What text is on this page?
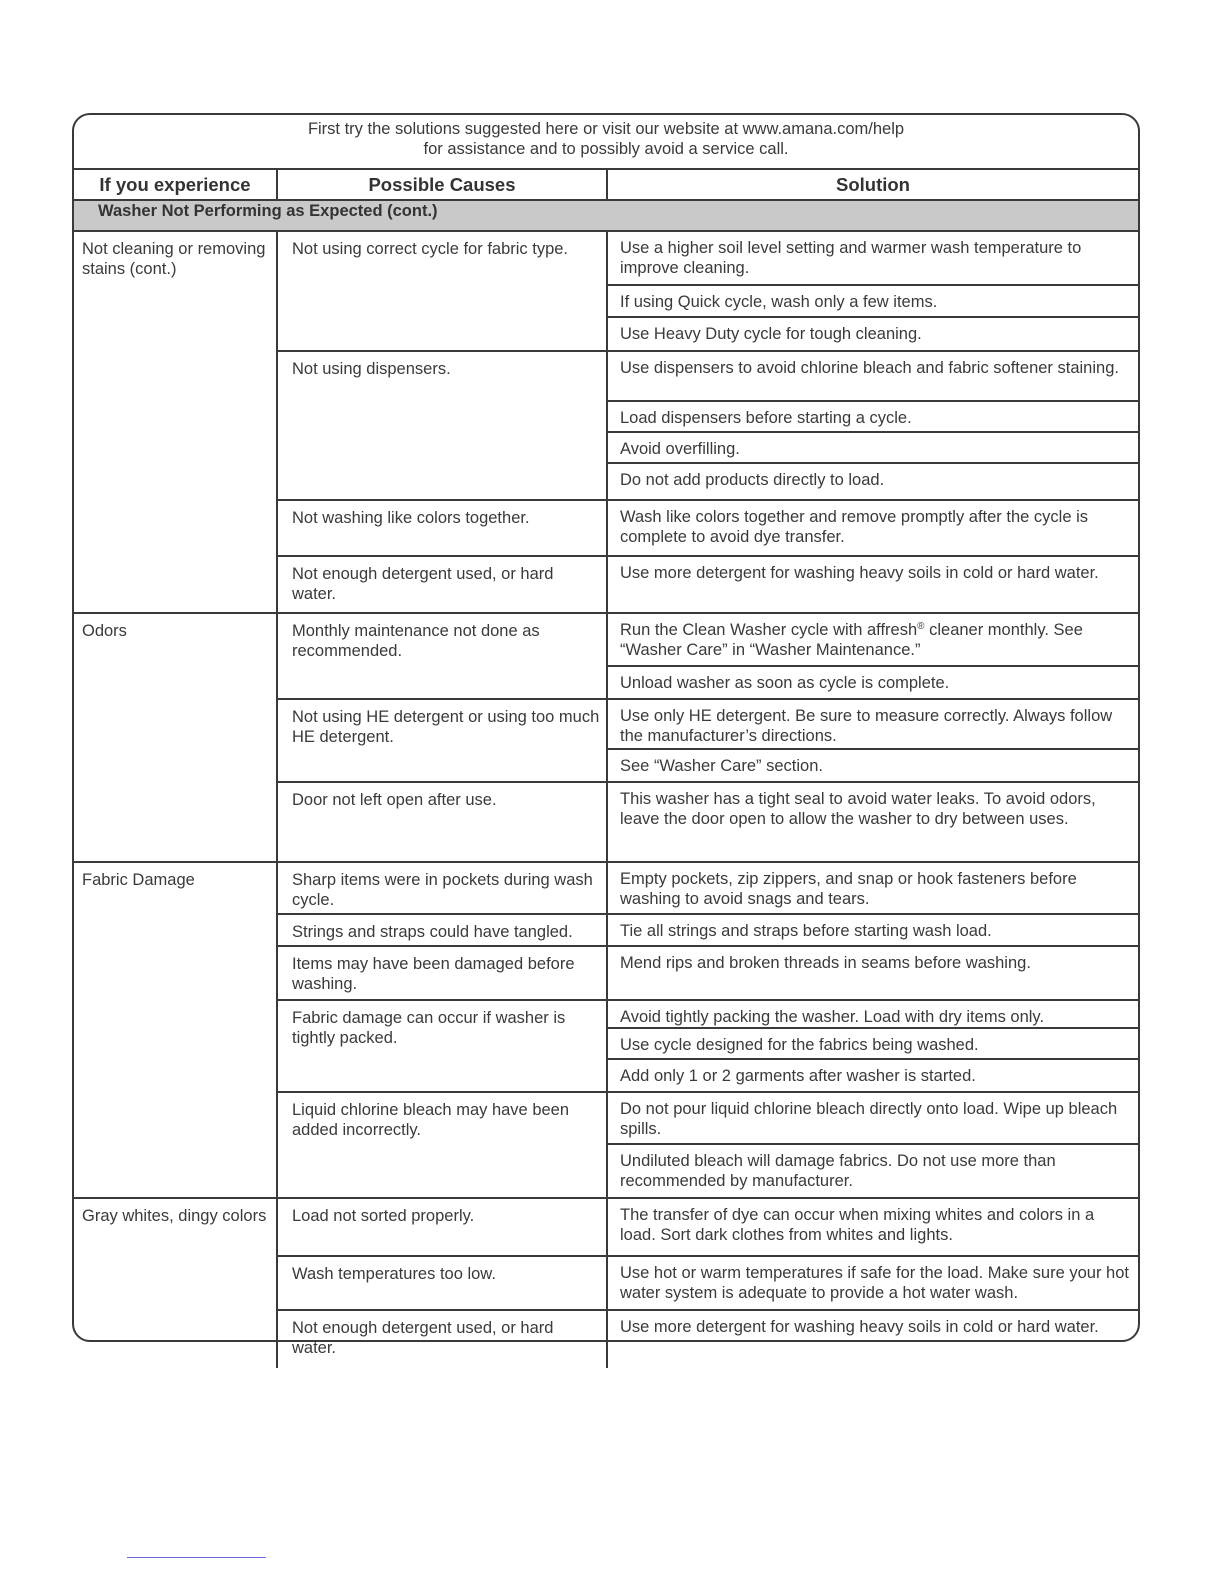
First try the solutions suggested here or visit our website at www.amana.com/help
for assistance and to possibly avoid a service call.
If you experience	Possible Causes	Solution
Washer Not Performing as Expected (cont.)		
Not cleaning or removing stains (cont.)	Not using correct cycle for fabric type.	Use a higher soil level setting and warmer wash temperature to improve cleaning.
If using Quick cycle, wash only a few items.
Use Heavy Duty cycle for tough cleaning.

	Not using dispensers.	Use dispensers to avoid chlorine bleach and fabric softener staining.
Load dispensers before starting a cycle.
Avoid overfilling.
Do not add products directly to load.

	Not washing like colors together.	Wash like colors together and remove promptly after the cycle is complete to avoid dye transfer.

	Not enough detergent used, or hard water.	Use more detergent for washing heavy soils in cold or hard water.

Odors	Monthly maintenance not done as recommended.	Run the Clean Washer cycle with affresh® cleaner monthly. See “Washer Care” in “Washer Maintenance.”
Unload washer as soon as cycle is complete.

	Not using HE detergent or using too much HE detergent.	Use only HE detergent. Be sure to measure correctly. Always follow the manufacturer’s directions.
See “Washer Care” section.

	Door not left open after use.	This washer has a tight seal to avoid water leaks. To avoid odors, leave the door open to allow the washer to dry between uses.

Fabric Damage	Sharp items were in pockets during wash cycle.	Empty pockets, zip zippers, and snap or hook fasteners before washing to avoid snags and tears.

	Strings and straps could have tangled.	Tie all strings and straps before starting wash load.

	Items may have been damaged before washing.	Mend rips and broken threads in seams before washing.

	Fabric damage can occur if washer is tightly packed.	Avoid tightly packing the washer. Load with dry items only.
Use cycle designed for the fabrics being washed.
Add only 1 or 2 garments after washer is started.

	Liquid chlorine bleach may have been added incorrectly.	Do not pour liquid chlorine bleach directly onto load. Wipe up bleach spills.
Undiluted bleach will damage fabrics. Do not use more than recommended by manufacturer.

Gray whites, dingy colors	Load not sorted properly.	The transfer of dye can occur when mixing whites and colors in a load. Sort dark clothes from whites and lights.

	Wash temperatures too low.	Use hot or warm temperatures if safe for the load. Make sure your hot water system is adequate to provide a hot water wash.

	Not enough detergent used, or hard water.	Use more detergent for washing heavy soils in cold or hard water.
